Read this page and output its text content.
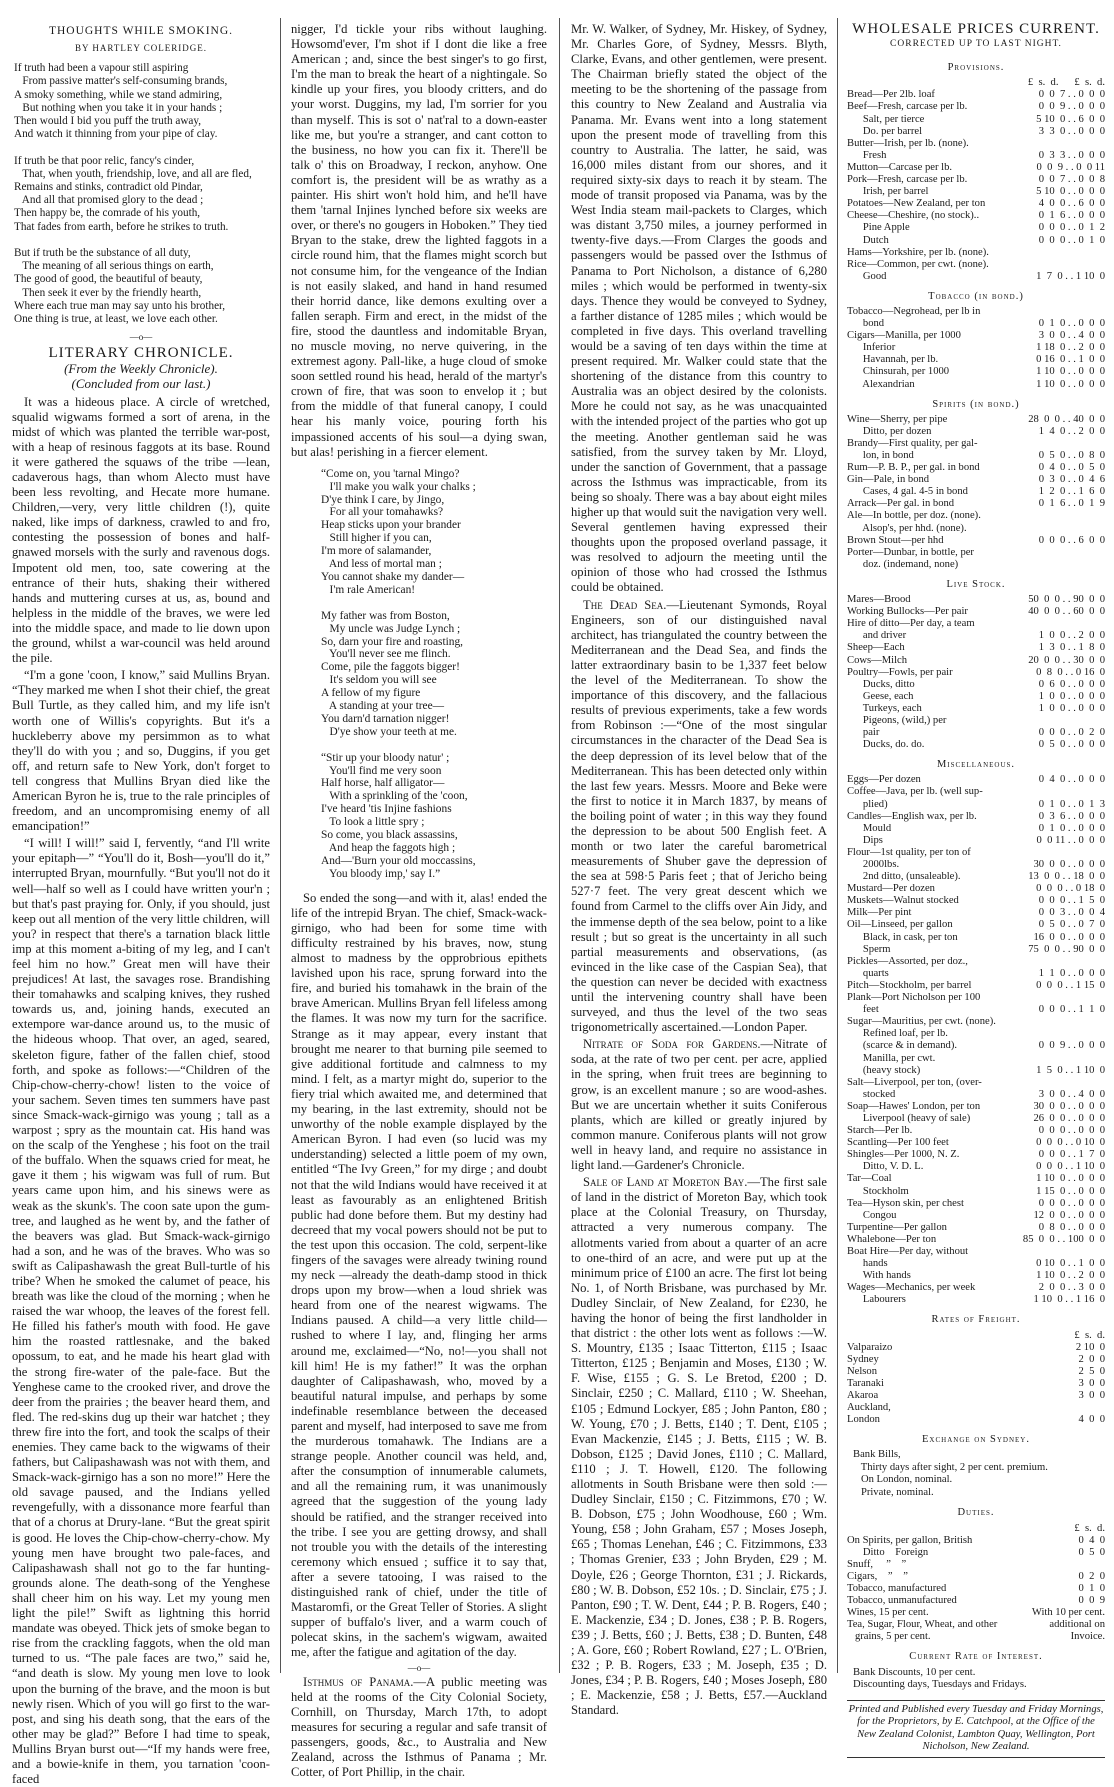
THOUGHTS WHILE SMOKING.
BY HARTLEY COLERIDGE.
If truth had been a vapour still aspiring
From passive matter's self-consuming brands,
A smoky something, while we stand admiring,
But nothing when you take it in your hands ;
Then would I bid you puff the truth away,
And watch it thinning from your pipe of clay.

If truth be that poor relic, fancy's cinder,
That, when youth, friendship, love, and all are fled,
Remains and stinks, contradict old Pindar,
And all that promised glory to the dead ;
Then happy be, the comrade of his youth,
That fades from earth, before he strikes to truth.

But if truth be the substance of all duty,
The meaning of all serious things on earth,
The good of good, the beautiful of beauty,
Then seek it ever by the friendly hearth,
Where each true man may say unto his brother,
One thing is true, at least, we love each other.
—o—
LITERARY CHRONICLE.
(From the Weekly Chronicle).
(Concluded from our last.)

It was a hideous place. A circle of wretched, squalid wigwams formed a sort of arena, in the midst of which was planted the terrible war-post, with a heap of resinous faggots at its base. Round it were gathered the squaws of the tribe —lean, cadaverous hags, than whom Alecto must have been less revolting, and Hecate more humane. Children,—very, very little children (!), quite naked, like imps of darkness, crawled to and fro, contesting the possession of bones and half-gnawed morsels with the surly and ravenous dogs. Impotent old men, too, sate cowering at the entrance of their huts, shaking their withered hands and muttering curses at us, as, bound and helpless in the middle of the braves, we were led into the middle space, and made to lie down upon the ground, whilst a war-council was held around the pile.

“I'm a gone 'coon, I know,” said Mullins Bryan. “They marked me when I shot their chief, the great Bull Turtle, as they called him, and my life isn't worth one of Willis's copyrights. But it's a huckleberry above my persimmon as to what they'll do with you ; and so, Duggins, if you get off, and return safe to New York, don't forget to tell congress that Mullins Bryan died like the American Byron he is, true to the rale principles of freedom, and an uncompromising enemy of all emancipation!”

“I will! I will!” said I, fervently, “and I'll write your epitaph—” “You'll do it, Bosh—you'll do it,” interrupted Bryan, mournfully. “But you'll not do it well—half so well as I could have written your'n ; but that's past praying for. Only, if you should, just keep out all mention of the very little children, will you? in respect that there's a tarnation black little imp at this moment a-biting of my leg, and I can't feel him no how.” Great men will have their prejudices! At last, the savages rose. Brandishing their tomahawks and scalping knives, they rushed towards us, and, joining hands, executed an extempore war-dance around us, to the music of the hideous whoop. That over, an aged, seared, skeleton figure, father of the fallen chief, stood forth, and spoke as follows:—“Children of the Chip-chow-cherry-chow! listen to the voice of your sachem. Seven times ten summers have past since Smack-wack-girnigo was young ; tall as a warpost ; spry as the mountain cat. His hand was on the scalp of the Yenghese ; his foot on the trail of the buffalo. When the squaws cried for meat, he gave it them ; his wigwam was full of rum. But years came upon him, and his sinews were as weak as the skunk's. The coon sate upon the gum-tree, and laughed as he went by, and the father of the beavers was glad. But Smack-wack-girnigo had a son, and he was of the braves. Who was so swift as Calipashawash the great Bull-turtle of his tribe? When he smoked the calumet of peace, his breath was like the cloud of the morning ; when he raised the war whoop, the leaves of the forest fell. He filled his father's mouth with food. He gave him the roasted rattlesnake, and the baked opossum, to eat, and he made his heart glad with the strong fire-water of the pale-face. But the Yenghese came to the crooked river, and drove the deer from the prairies ; the beaver heard them, and fled. The red-skins dug up their war hatchet ; they threw fire into the fort, and took the scalps of their enemies. They came back to the wigwams of their fathers, but Calipashawash was not with them, and Smack-wack-girnigo has a son no more!” Here the old savage paused, and the Indians yelled revengefully, with a dissonance more fearful than that of a chorus at Drury-lane. “But the great spirit is good. He loves the Chip-chow-cherry-chow. My young men have brought two pale-faces, and Calipashawash shall not go to the far hunting-grounds alone. The death-song of the Yenghese shall cheer him on his way. Let my young men light the pile!” Swift as lightning this horrid mandate was obeyed. Thick jets of smoke began to rise from the crackling faggots, when the old man turned to us. “The pale faces are two,” said he, “and death is slow. My young men love to look upon the burning of the brave, and the moon is but newly risen. Which of you will go first to the war-post, and sing his death song, that the ears of the other may be glad?” Before I had time to speak, Mullins Bryan burst out—“If my hands were free, and a bowie-knife in them, you tarnation 'coon-faced

nigger, I'd tickle your ribs without laughing. Howsomd'ever, I'm shot if I dont die like a free American ; and, since the best singer's to go first, I'm the man to break the heart of a nightingale. So kindle up your fires, you bloody critters, and do your worst. Duggins, my lad, I'm sorrier for you than myself. This is sot o' nat'ral to a down-easter like me, but you're a stranger, and cant cotton to the business, no how you can fix it. There'll be talk o' this on Broadway, I reckon, anyhow. One comfort is, the president will be as wrathy as a painter. His shirt won't hold him, and he'll have them 'tarnal Injines lynched before six weeks are over, or there's no gougers in Hoboken.” They tied Bryan to the stake, drew the lighted faggots in a circle round him, that the flames might scorch but not consume him, for the vengeance of the Indian is not easily slaked, and hand in hand resumed their horrid dance, like demons exulting over a fallen seraph. Firm and erect, in the midst of the fire, stood the dauntless and indomitable Bryan, no muscle moving, no nerve quivering, in the extremest agony. Pall-like, a huge cloud of smoke soon settled round his head, herald of the martyr's crown of fire, that was soon to envelop it ; but from the middle of that funeral canopy, I could hear his manly voice, pouring forth his impassioned accents of his soul—a dying swan, but alas! perishing in a fiercer element.

“Come on, you 'tarnal Mingo?
I'll make you walk your chalks ;
D'ye think I care, by Jingo,
For all your tomahawks?
Heap sticks upon your brander
Still higher if you can,
I'm more of salamander,
And less of mortal man ;
You cannot shake my dander—
I'm rale American!

My father was from Boston,
My uncle was Judge Lynch ;
So, darn your fire and roasting,
You'll never see me flinch.
Come, pile the faggots bigger!
It's seldom you will see
A fellow of my figure
A standing at your tree—
You darn'd tarnation nigger!
D'ye show your teeth at me.

“Stir up your bloody natur' ;
You'll find me very soon
Half horse, half alligator—
With a sprinkling of the 'coon,
I've heard 'tis Injine fashions
To look a little spry ;
So come, you black assassins,
And heap the faggots high ;
And—'Burn your old moccassins,
You bloody imp,' say I.”

So ended the song—and with it, alas! ended the life of the intrepid Bryan. The chief, Smack-wack-girnigo, who had been for some time with difficulty restrained by his braves, now, stung almost to madness by the opprobrious epithets lavished upon his race, sprung forward into the fire, and buried his tomahawk in the brain of the brave American. Mullins Bryan fell lifeless among the flames. It was now my turn for the sacrifice. Strange as it may appear, every instant that brought me nearer to that burning pile seemed to give additional fortitude and calmness to my mind. I felt, as a martyr might do, superior to the fiery trial which awaited me, and determined that my bearing, in the last extremity, should not be unworthy of the noble example displayed by the American Byron. I had even (so lucid was my understanding) selected a little poem of my own, entitled “The Ivy Green,” for my dirge ; and doubt not that the wild Indians would have received it at least as favourably as an enlightened British public had done before them. But my destiny had decreed that my vocal powers should not be put to the test upon this occasion. The cold, serpent-like fingers of the savages were already twining round my neck —already the death-damp stood in thick drops upon my brow—when a loud shriek was heard from one of the nearest wigwams. The Indians paused. A child—a very little child—rushed to where I lay, and, flinging her arms around me, exclaimed—“No, no!—you shall not kill him! He is my father!” It was the orphan daughter of Calipashawash, who, moved by a beautiful natural impulse, and perhaps by some indefinable resemblance between the deceased parent and myself, had interposed to save me from the murderous tomahawk. The Indians are a strange people. Another council was held, and, after the consumption of innumerable calumets, and all the remaining rum, it was unanimously agreed that the suggestion of the young lady should be ratified, and the stranger received into the tribe. I see you are getting drowsy, and shall not trouble you with the details of the interesting ceremony which ensued ; suffice it to say that, after a severe tatooing, I was raised to the distinguished rank of chief, under the title of Mastaromfi, or the Great Teller of Stories. A slight supper of buffalo's liver, and a warm couch of polecat skins, in the sachem's wigwam, awaited me, after the fatigue and agitation of the day.

—o—

Isthmus of Panama.—A public meeting was held at the rooms of the City Colonial Society, Cornhill, on Thursday, March 17th, to adopt measures for securing a regular and safe transit of passengers, goods, &c., to Australia and New Zealand, across the Isthmus of Panama ; Mr. Cotter, of Port Phillip, in the chair.

Mr. W. Walker, of Sydney, Mr. Hiskey, of Sydney, Mr. Charles Gore, of Sydney, Messrs. Blyth, Clarke, Evans, and other gentlemen, were present. The Chairman briefly stated the object of the meeting to be the shortening of the passage from this country to New Zealand and Australia via Panama. Mr. Evans went into a long statement upon the present mode of travelling from this country to Australia. The latter, he said, was 16,000 miles distant from our shores, and it required sixty-six days to reach it by steam. The mode of transit proposed via Panama, was by the West India steam mail-packets to Clarges, which was distant 3,750 miles, a journey performed in twenty-five days.—From Clarges the goods and passengers would be passed over the Isthmus of Panama to Port Nicholson, a distance of 6,280 miles ; which would be performed in twenty-six days. Thence they would be conveyed to Sydney, a farther distance of 1285 miles ; which would be completed in five days. This overland travelling would be a saving of ten days within the time at present required. Mr. Walker could state that the shortening of the distance from this country to Australia was an object desired by the colonists. More he could not say, as he was unacquainted with the intended project of the parties who got up the meeting. Another gentleman said he was satisfied, from the survey taken by Mr. Lloyd, under the sanction of Government, that a passage across the Isthmus was impracticable, from its being so shoaly. There was a bay about eight miles higher up that would suit the navigation very well. Several gentlemen having expressed their thoughts upon the proposed overland passage, it was resolved to adjourn the meeting until the opinion of those who had crossed the Isthmus could be obtained.

The Dead Sea.—Lieutenant Symonds, Royal Engineers, son of our distinguished naval architect, has triangulated the country between the Mediterranean and the Dead Sea, and finds the latter extraordinary basin to be 1,337 feet below the level of the Mediterranean. To show the importance of this discovery, and the fallacious results of previous experiments, take a few words from Robinson :—“One of the most singular circumstances in the character of the Dead Sea is the deep depression of its level below that of the Mediterranean. This has been detected only within the last few years. Messrs. Moore and Beke were the first to notice it in March 1837, by means of the boiling point of water ; in this way they found the depression to be about 500 English feet. A month or two later the careful barometrical measurements of Shuber gave the depression of the sea at 598·5 Paris feet ; that of Jericho being 527·7 feet. The very great descent which we found from Carmel to the cliffs over Ain Jidy, and the immense depth of the sea below, point to a like result ; but so great is the uncertainty in all such partial measurements and observations, (as evinced in the like case of the Caspian Sea), that the question can never be decided with exactness until the intervening country shall have been surveyed, and thus the level of the two seas trigonometrically ascertained.—London Paper.

Nitrate of Soda for Gardens.—Nitrate of soda, at the rate of two per cent. per acre, applied in the spring, when fruit trees are beginning to grow, is an excellent manure ; so are wood-ashes. But we are uncertain whether it suits Coniferous plants, which are killed or greatly injured by common manure. Coniferous plants will not grow well in heavy land, and require no assistance in light land.—Gardener's Chronicle.

Sale of Land at Moreton Bay.—The first sale of land in the district of Moreton Bay, which took place at the Colonial Treasury, on Thursday, attracted a very numerous company. The allotments varied from about a quarter of an acre to one-third of an acre, and were put up at the minimum price of £100 an acre. The first lot being No. 1, of North Brisbane, was purchased by Mr. Dudley Sinclair, of New Zealand, for £230, he having the honor of being the first landholder in that district : the other lots went as follows :—W. S. Mountry, £135 ; Isaac Titterton, £115 ; Isaac Titterton, £125 ; Benjamin and Moses, £130 ; W. F. Wise, £155 ; G. S. Le Bretod, £200 ; D. Sinclair, £250 ; C. Mallard, £110 ; W. Sheehan, £105 ; Edmund Lockyer, £85 ; John Panton, £80 ; W. Young, £70 ; J. Betts, £140 ; T. Dent, £105 ; Evan Mackenzie, £145 ; J. Betts, £115 ; W. B. Dobson, £125 ; David Jones, £110 ; C. Mallard, £110 ; J. T. Howell, £120. The following allotments in South Brisbane were then sold :—Dudley Sinclair, £150 ; C. Fitzimmons, £70 ; W. B. Dobson, £75 ; John Woodhouse, £60 ; Wm. Young, £58 ; John Graham, £57 ; Moses Joseph, £65 ; Thomas Lenehan, £46 ; C. Fitzimmons, £33 ; Thomas Grenier, £33 ; John Bryden, £29 ; M. Doyle, £26 ; George Thornton, £31 ; J. Rickards, £80 ; W. B. Dobson, £52 10s. ; D. Sinclair, £75 ; J. Panton, £90 ; T. W. Dent, £44 ; P. B. Rogers, £40 ; E. Mackenzie, £34 ; D. Jones, £38 ; P. B. Rogers, £39 ; J. Betts, £60 ; J. Betts, £38 ; D. Bunten, £48 ; A. Gore, £60 ; Robert Rowland, £27 ; L. O'Brien, £32 ; P. B. Rogers, £33 ; M. Joseph, £35 ; D. Jones, £34 ; P. B. Rogers, £40 ; Moses Joseph, £80 ; E. Mackenzie, £58 ; J. Betts, £57.—Auckland Standard.

WHOLESALE PRICES CURRENT.
CORRECTED UP TO LAST NIGHT.
Provisions.
	£  s.  d.      £  s.  d.
Bread—Per 2lb. loaf	0  0  7 . . 0  0  0
Beef—Fresh, carcase per lb.	0  0  9 . . 0  0  0
Salt, per tierce	5 10  0 . . 6  0  0
Do. per barrel	3  3  0 . . 0  0  0
Butter—Irish, per lb. (none).	
Fresh	0  3  3 . . 0  0  0
Mutton—Carcase per lb.	0  0  9 . . 0  0 11
Pork—Fresh, carcase per lb.	0  0  7 . . 0  0  8
Irish, per barrel	5 10  0 . . 0  0  0
Potatoes—New Zealand, per ton	4  0  0 . . 6  0  0
Cheese—Cheshire, (no stock)..	0  1  6 . . 0  0  0
Pine Apple	0  0  0 . . 0  1  2
Dutch	0  0  0 . . 0  1  0
Hams—Yorkshire, per lb. (none).	
Rice—Common, per cwt. (none).	
Good	1  7  0 . . 1 10  0
Tobacco (in bond.)
Tobacco—Negrohead, per lb in	
bond	0  1  0 . . 0  0  0
Cigars—Manilla, per 1000	3  0  0 . . 4  0  0
Inferior	1 18  0 . . 2  0  0
Havannah, per lb.	0 16  0 . . 1  0  0
Chinsurah, per 1000	1 10  0 . . 0  0  0
Alexandrian	1 10  0 . . 0  0  0
Spirits (in bond.)
Wine—Sherry, per pipe	28  0  0 . . 40  0  0
Ditto, per dozen	1  4  0 . . 2  0  0
Brandy—First quality, per gal-	
lon, in bond	0  5  0 . . 0  8  0
Rum—P. B. P., per gal. in bond	0  4  0 . . 0  5  0
Gin—Pale, in bond	0  3  0 . . 0  4  6
Cases, 4 gal. 4-5 in bond	1  2  0 . . 1  6  0
Arrack—Per gal. in bond	0  1  6 . . 0  1  9
Ale—In bottle, per doz. (none).	
Alsop's, per hhd. (none).	
Brown Stout—per hhd	0  0  0 . . 6  0  0
Porter—Dunbar, in bottle, per	
doz. (indemand, none)	
Live Stock.
Mares—Brood	50  0  0 . . 90  0  0
Working Bullocks—Per pair	40  0  0 . . 60  0  0
Hire of ditto—Per day, a team	
and driver	1  0  0 . . 2  0  0
Sheep—Each	1  3  0 . . 1  8  0
Cows—Milch	20  0  0 . . 30  0  0
Poultry—Fowls, per pair	0  8  0 . . 0 16  0
Ducks, ditto	0  6  0 . . 0  0  0
Geese, each	1  0  0 . . 0  0  0
Turkeys, each	1  0  0 . . 0  0  0
Pigeons, (wild,) per	
pair	0  0  0 . . 0  2  0
Ducks, do. do.	0  5  0 . . 0  0  0
Miscellaneous.
Eggs—Per dozen	0  4  0 . . 0  0  0
Coffee—Java, per lb. (well sup-	
plied)	0  1  0 . . 0  1  3
Candles—English wax, per lb.	0  3  6 . . 0  0  0
Mould	0  1  0 . . 0  0  0
Dips	0  0 11 . . 0  0  0
Flour—1st quality, per ton of	
2000lbs.	30  0  0 . . 0  0  0
2nd ditto, (unsaleable).	13  0  0 . . 18  0  0
Mustard—Per dozen	0  0  0 . . 0 18  0
Muskets—Walnut stocked	0  0  0 . . 1  5  0
Milk—Per pint	0  0  3 . . 0  0  4
Oil—Linseed, per gallon	0  5  0 . . 0  7  0
Black, in cask, per ton	16  0  0 . . 0  0  0
Sperm	75  0  0 . . 90  0  0
Pickles—Assorted, per doz.,	
quarts	1  1  0 . . 0  0  0
Pitch—Stockholm, per barrel	0  0  0 . . 1 15  0
Plank—Port Nicholson per 100	
feet	0  0  0 . . 1  1  0
Sugar—Mauritius, per cwt. (none).	
Refined loaf, per lb.	
(scarce & in demand).	0  0  9 . . 0  0  0
Manilla, per cwt.	
(heavy stock)	1  5  0 . . 1 10  0
Salt—Liverpool, per ton, (over-	
stocked	3  0  0 . . 4  0  0
Soap—Hawes' London, per ton	30  0  0 . . 0  0  0
Liverpool (heavy of sale)	26  0  0 . . 0  0  0
Starch—Per lb.	0  0  0 . . 0  0  0
Scantling—Per 100 feet	0  0  0 . . 0 10  0
Shingles—Per 1000, N. Z.	0  0  0 . . 1  7  0
Ditto, V. D. L.	0  0  0 . . 1 10  0
Tar—Coal	1 10  0 . . 0  0  0
Stockholm	1 15  0 . . 0  0  0
Tea—Hyson skin, per chest	0  0  0 . . 0  0  0
Congou	12  0  0 . . 0  0  0
Turpentine—Per gallon	0  8  0 . . 0  0  0
Whalebone—Per ton	85  0  0 . . 100  0  0
Boat Hire—Per day, without	
hands	0 10  0 . . 1  0  0
With hands	1 10  0 . . 2  0  0
Wages—Mechanics, per week	2  0  0 . . 3  0  0
Labourers	1 10  0 . . 1 16  0
Rates of Freight.
	£  s.  d.
Valparaizo	2 10  0
Sydney	2  0  0
Nelson	2  5  0
Taranaki	3  0  0
Akaroa	3  0  0
Auckland,	
London	4  0  0
Exchange on Sydney.
Bank Bills,
Thirty days after sight, 2 per cent. premium.
On London, nominal.
Private, nominal.
Duties.
	£  s.  d.
On Spirits, per gallon, British	0  4  0
Ditto    Foreign	0  5  0
Snuff,     ”    ”	
Cigars,    ”    ”	0  2  0
Tobacco, manufactured	0  1  0
Tobacco, unmanufactured	0  0  9
Wines, 15 per cent.	With 10 per cent.
Tea, Sugar, Flour, Wheat, and other	additional on
grains, 5 per cent.	Invoice.
Current Rate of Interest.
Bank Discounts, 10 per cent.
Discounting days, Tuesdays and Fridays.
Printed and Published every Tuesday and Friday Mornings, for the Proprietors, by E. Catchpool, at the Office of the New Zealand Colonist, Lambton Quay, Wellington, Port Nicholson, New Zealand.
